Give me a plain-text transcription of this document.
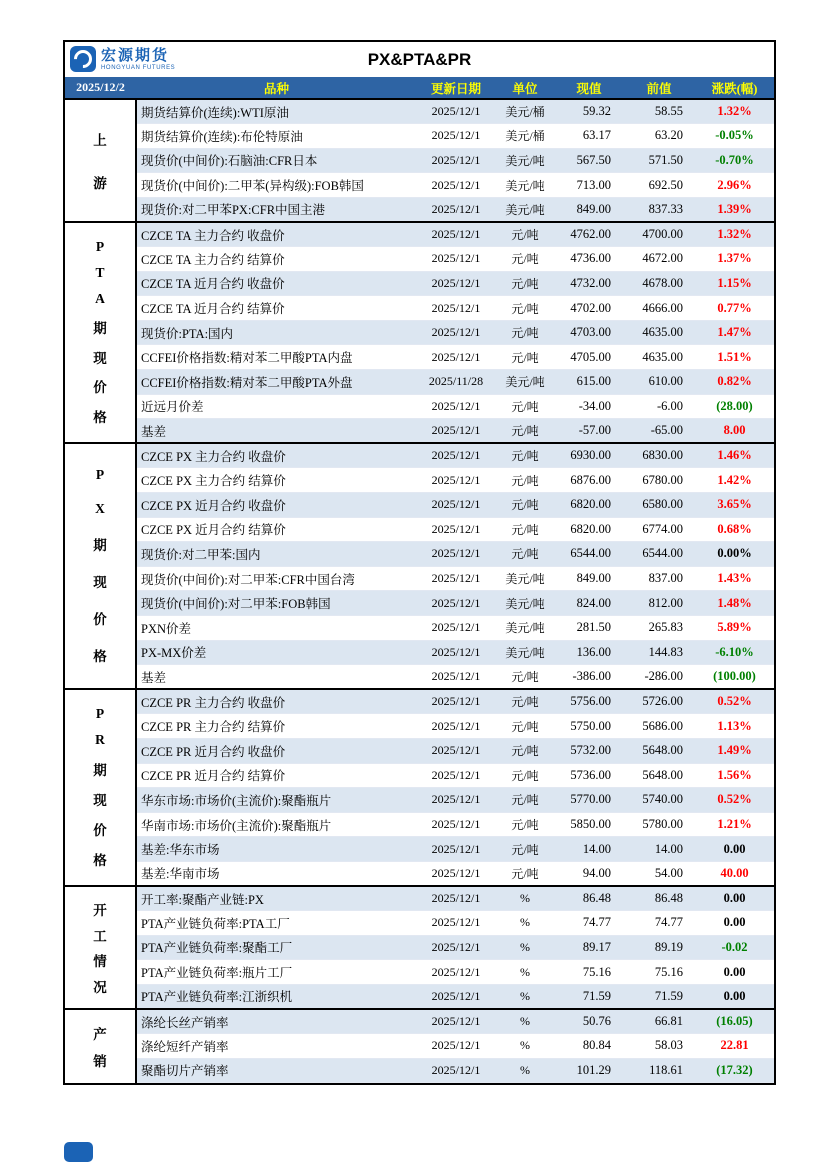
宏源期货
HONGYUAN FUTURES	PX&PTA&PR
2025/12/2	品种	更新日期	单位	现值	前值	涨跌(幅)

上
游	期货结算价(连续):WTI原油	2025/12/1	美元/桶	59.32	58.55	1.32%
	期货结算价(连续):布伦特原油	2025/12/1	美元/桶	63.17	63.20	-0.05%
	现货价(中间价):石脑油:CFR日本	2025/12/1	美元/吨	567.50	571.50	-0.70%
	现货价(中间价):二甲苯(异构级):FOB韩国	2025/12/1	美元/吨	713.00	692.50	2.96%
	现货价:对二甲苯PX:CFR中国主港	2025/12/1	美元/吨	849.00	837.33	1.39%

P
T
A
期
现
价
格
	CZCE TA 主力合约 收盘价	2025/12/1	元/吨	4762.00	4700.00	1.32%
	CZCE TA 主力合约 结算价	2025/12/1	元/吨	4736.00	4672.00	1.37%
	CZCE TA 近月合约 收盘价	2025/12/1	元/吨	4732.00	4678.00	1.15%
	CZCE TA 近月合约 结算价	2025/12/1	元/吨	4702.00	4666.00	0.77%
	现货价:PTA:国内	2025/12/1	元/吨	4703.00	4635.00	1.47%
	CCFEI价格指数:精对苯二甲酸PTA内盘	2025/12/1	元/吨	4705.00	4635.00	1.51%
	CCFEI价格指数:精对苯二甲酸PTA外盘	2025/11/28	美元/吨	615.00	610.00	0.82%
	近远月价差	2025/12/1	元/吨	-34.00	-6.00	(28.00)
	基差	2025/12/1	元/吨	-57.00	-65.00	8.00

P
X
期
现
价
格
	CZCE PX 主力合约 收盘价	2025/12/1	元/吨	6930.00	6830.00	1.46%
	CZCE PX 主力合约 结算价	2025/12/1	元/吨	6876.00	6780.00	1.42%
	CZCE PX 近月合约 收盘价	2025/12/1	元/吨	6820.00	6580.00	3.65%
	CZCE PX 近月合约 结算价	2025/12/1	元/吨	6820.00	6774.00	0.68%
	现货价:对二甲苯:国内	2025/12/1	元/吨	6544.00	6544.00	0.00%
	现货价(中间价):对二甲苯:CFR中国台湾	2025/12/1	美元/吨	849.00	837.00	1.43%
	现货价(中间价):对二甲苯:FOB韩国	2025/12/1	美元/吨	824.00	812.00	1.48%
	PXN价差	2025/12/1	美元/吨	281.50	265.83	5.89%
	PX-MX价差	2025/12/1	美元/吨	136.00	144.83	-6.10%
	基差	2025/12/1	元/吨	-386.00	-286.00	(100.00)

P
R
期
现
价
格
	CZCE PR 主力合约 收盘价	2025/12/1	元/吨	5756.00	5726.00	0.52%
	CZCE PR 主力合约 结算价	2025/12/1	元/吨	5750.00	5686.00	1.13%
	CZCE PR 近月合约 收盘价	2025/12/1	元/吨	5732.00	5648.00	1.49%
	CZCE PR 近月合约 结算价	2025/12/1	元/吨	5736.00	5648.00	1.56%
	华东市场:市场价(主流价):聚酯瓶片	2025/12/1	元/吨	5770.00	5740.00	0.52%
	华南市场:市场价(主流价):聚酯瓶片	2025/12/1	元/吨	5850.00	5780.00	1.21%
	基差:华东市场	2025/12/1	元/吨	14.00	14.00	0.00
	基差:华南市场	2025/12/1	元/吨	94.00	54.00	40.00

开
工
情
况	开工率:聚酯产业链:PX	2025/12/1	%	86.48	86.48	0.00
	PTA产业链负荷率:PTA工厂	2025/12/1	%	74.77	74.77	0.00
	PTA产业链负荷率:聚酯工厂	2025/12/1	%	89.17	89.19	-0.02
	PTA产业链负荷率:瓶片工厂	2025/12/1	%	75.16	75.16	0.00
	PTA产业链负荷率:江浙织机	2025/12/1	%	71.59	71.59	0.00

产
销	涤纶长丝产销率	2025/12/1	%	50.76	66.81	(16.05)
	涤纶短纤产销率	2025/12/1	%	80.84	58.03	22.81
	聚酯切片产销率	2025/12/1	%	101.29	118.61	(17.32)
